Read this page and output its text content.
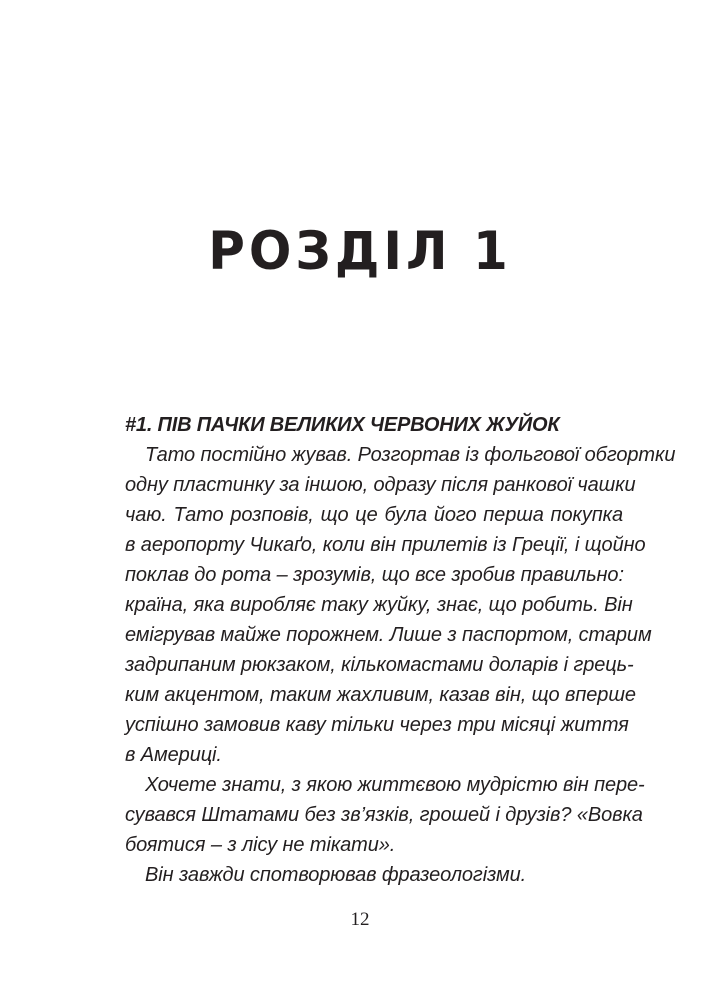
РОЗДІЛ 1
#1. ПІВ ПАЧКИ ВЕЛИКИХ ЧЕРВОНИХ ЖУЙОК
Тато постійно жував. Розгортав із фольгової обгортки
одну пластинку за іншою, одразу після ранкової чашки
чаю. Тато розповів, що це була його перша покупка
в аеропорту Чикаґо, коли він прилетів із Греції, і щойно
поклав до рота – зрозумів, що все зробив правильно:
країна, яка виробляє таку жуйку, знає, що робить. Він
емігрував майже порожнем. Лише з паспортом, старим
задрипаним рюкзаком, кількомастами доларів і грець-
ким акцентом, таким жахливим, казав він, що вперше
успішно замовив каву тільки через три місяці життя
в Америці.
Хочете знати, з якою життєвою мудрістю він пере-
сувався Штатами без зв’язків, грошей і друзів? «Вовка
боятися – з лісу не тікати».
Він завжди спотворював фразеологізми.
12
